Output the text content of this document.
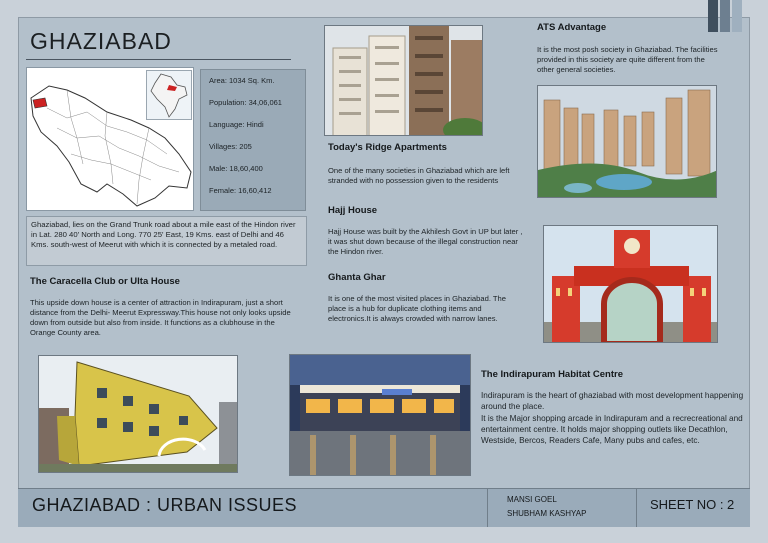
GHAZIABAD
Area: 1034 Sq. Km.
Population: 34,06,061
Language: Hindi
Villages: 205
Male: 18,60,400
Female: 16,60,412
Ghaziabad, lies on the Grand Trunk road about a mile east of the Hindon river in Lat. 280 40' North and Long. 770 25' East, 19 Kms. east of Delhi and 46 Kms. south-west of Meerut with which it is connected by a metaled road.
The Caracella Club or Ulta House
This upside down house is a center of attraction in Indirapuram, just a short distance from the Delhi- Meerut Expressway.This house not only looks upside down from outside but also from inside. It functions as a clubhouse in the Orange County area.
Today's Ridge Apartments
One of the many societies in Ghaziabad which are left stranded with no possession given to the residents
Hajj House
Hajj House was built by the Akhilesh Govt in UP but later , it was shut down because of the illegal construction near the Hindon river.
Ghanta Ghar
It is one of the most visited places in Ghaziabad. The place is a hub for duplicate clothing items and electronics.It is always crowded with narrow lanes.
ATS Advantage
It is the most posh society in Ghaziabad. The facilities provided in this society are quite different from the other general societies.
The Indirapuram Habitat Centre
Indirapuram is the heart of ghaziabad with most development happening around the place.
It is the Major shopping arcade in Indirapuram and a recrecreational and entertainment centre. It holds major shopping outlets like Decathlon, Westside, Bercos, Readers Cafe, Many pubs and cafes, etc.
GHAZIABAD : URBAN ISSUES	MANSI GOEL
SHUBHAM KASHYAP
SHEET NO : 2
